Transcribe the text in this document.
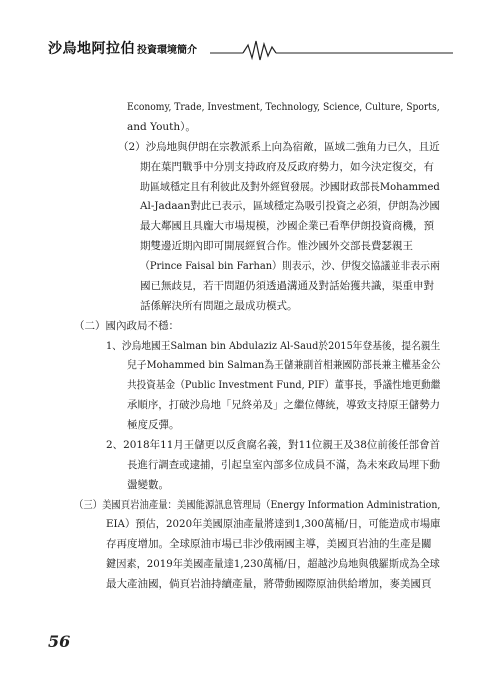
沙烏地阿拉伯 投資環境簡介
Economy, Trade, Investment, Technology, Science, Culture, Sports,
and Youth）。
（2）沙烏地與伊朗在宗教派系上向為宿敵，區域二強角力已久，且近
期在葉門戰爭中分別支持政府及反政府勢力，如今決定復交，有
助區域穩定且有利彼此及對外經貿發展。沙國財政部長Mohammed
Al-Jadaan對此已表示，區域穩定為吸引投資之必須，伊朗為沙國
最大鄰國且具龐大市場規模，沙國企業已看準伊朗投資商機，預
期雙邊近期內即可開展經貿合作。惟沙國外交部長費瑟親王
（Prince Faisal bin Farhan）則表示，沙、伊復交協議並非表示兩
國已無歧見，若干問題仍須透過溝通及對話始獲共識，渠重申對
話係解決所有問題之最成功模式。
（二）國內政局不穩：
1、沙烏地國王Salman bin Abdulaziz Al-Saud於2015年登基後，提名親生
兒子Mohammed bin Salman為王儲兼副首相兼國防部長兼主權基金公
共投資基金（Public Investment Fund, PIF）董事長，爭議性地更動繼
承順序，打破沙烏地「兄終弟及」之繼位傳統，導致支持原王儲勢力
極度反彈。
2、2018年11月王儲更以反貪腐名義，對11位親王及38位前後任部會首
長進行調查或逮捕，引起皇室內部多位成員不滿，為未來政局埋下動
盪變數。
（三）美國頁岩油產量：美國能源訊息管理局（Energy Information Administration,
EIA）預估，2020年美國原油產量將達到1,300萬桶/日，可能造成市場庫
存再度增加。全球原油市場已非沙俄兩國主導，美國頁岩油的生產是關
鍵因素，2019年美國產量達1,230萬桶/日，超越沙烏地與俄羅斯成為全球
最大產油國，倘頁岩油持續產量，將帶動國際原油供給增加，麥美國頁
56
